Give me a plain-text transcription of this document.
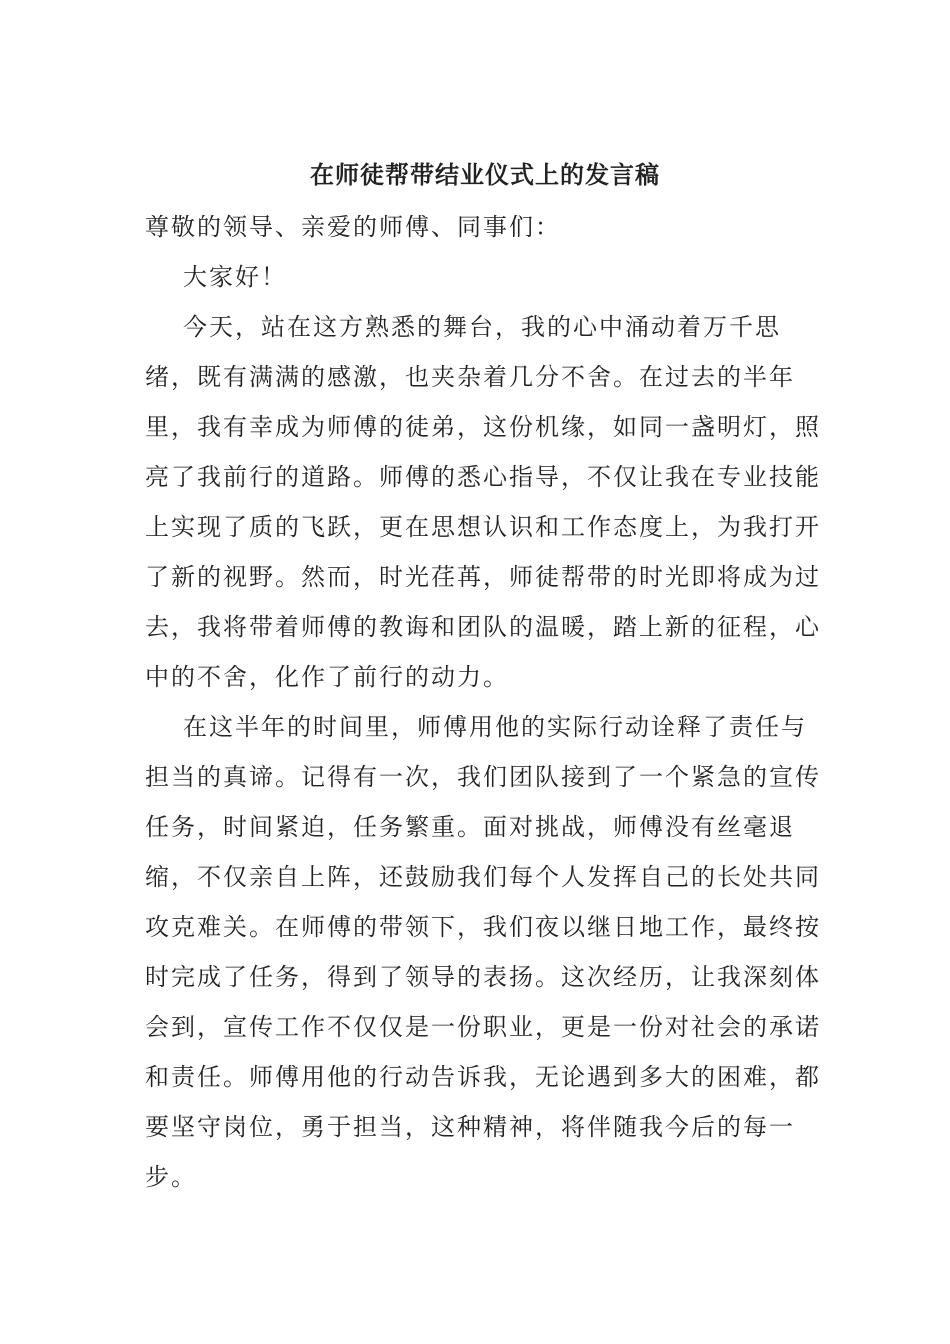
在师徒帮带结业仪式上的发言稿

尊敬的领导、亲爱的师傅、同事们：

大家好！

今天，站在这方熟悉的舞台，我的心中涌动着万千思绪，既有满满的感激，也夹杂着几分不舍。在过去的半年里，我有幸成为师傅的徒弟，这份机缘，如同一盏明灯，照亮了我前行的道路。师傅的悉心指导，不仅让我在专业技能上实现了质的飞跃，更在思想认识和工作态度上，为我打开了新的视野。然而，时光荏苒，师徒帮带的时光即将成为过去，我将带着师傅的教诲和团队的温暖，踏上新的征程，心中的不舍，化作了前行的动力。

在这半年的时间里，师傅用他的实际行动诠释了责任与担当的真谛。记得有一次，我们团队接到了一个紧急的宣传任务，时间紧迫，任务繁重。面对挑战，师傅没有丝毫退缩，不仅亲自上阵，还鼓励我们每个人发挥自己的长处共同攻克难关。在师傅的带领下，我们夜以继日地工作，最终按时完成了任务，得到了领导的表扬。这次经历，让我深刻体会到，宣传工作不仅仅是一份职业，更是一份对社会的承诺和责任。师傅用他的行动告诉我，无论遇到多大的困难，都要坚守岗位，勇于担当，这种精神，将伴随我今后的每一步。
